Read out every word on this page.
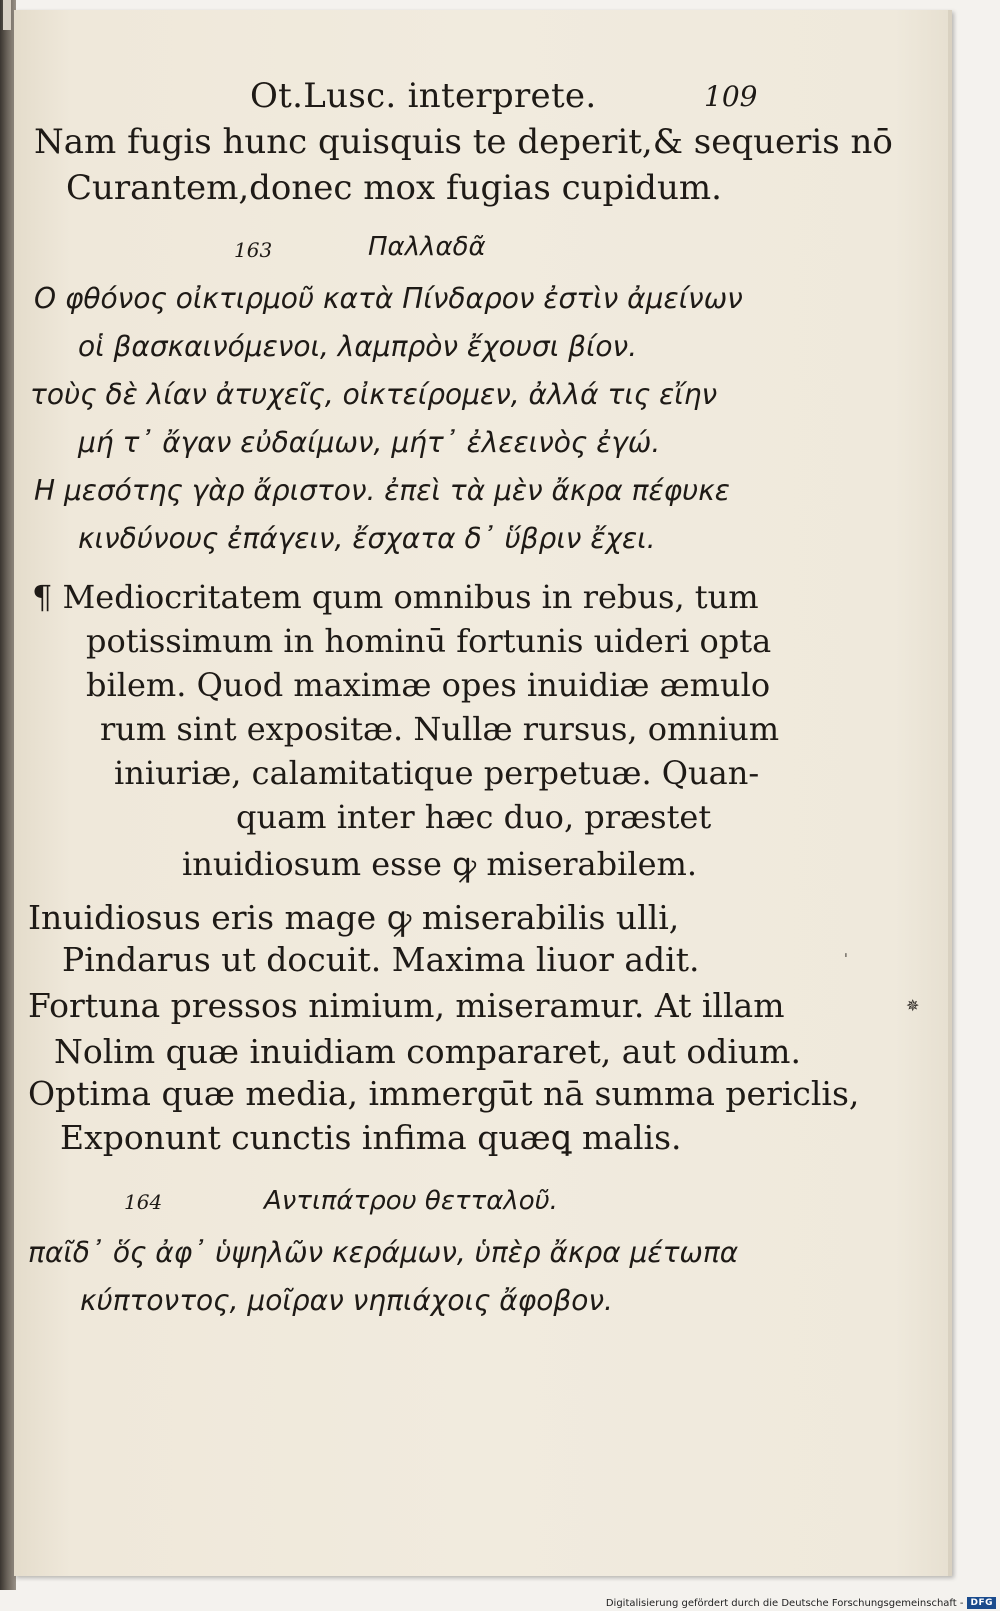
Ot.Lusc. interprete.	109

Nam fugis hunc quisquis te deperit,& sequeris nō

Curantem,donec mox fugias cupidum.

163	Παλλαδᾶ

Ο φθόνος οἰκτιρμοῦ κατὰ Πίνδαρον ἐστὶν ἀμείνων

οἱ βασκαινόμενοι, λαμπρὸν ἔχουσι βίον.

τοὺς δὲ λίαν ἀτυχεῖς, οἰκτείρομεν, ἀλλά τις εἴην

μή τ᾽ ἄγαν εὐδαίμων, μήτ᾽ ἐλεεινὸς ἐγώ.

Η μεσότης γὰρ ἄριστον. ἐπεὶ τὰ μὲν ἄκρα πέφυκε

κινδύνους ἐπάγειν, ἔσχατα δ᾽ ὕβριν ἔχει.

¶ Mediocritatem qum omnibus in rebus, tum

potissimum in hominū fortunis uideri opta

bilem. Quod maximæ opes inuidiæ æmulo

rum sint expositæ. Nullæ rursus, omnium

iniuriæ, calamitatique perpetuæ. Quan-

quam inter hæc duo, præstet

inuidiosum esse ꝙ miserabilem.

Inuidiosus eris mage ꝙ miserabilis ulli,

Pindarus ut docuit. Maxima liuor adit.

Fortuna pressos nimium, miseramur. At illam

Nolim quæ inuidiam compararet, aut odium.

Optima quæ media, immergūt nā summa periclis,

Exponunt cunctis infima quæꝗ malis.

164	Αντιπάτρου θετταλοῦ.

παῖδ᾽ ὅς ἀφ᾽ ὑψηλῶν κεράμων, ὑπὲρ ἄκρα μέτωπα

κύπτοντος, μοῖραν νηπιάχοις ἄφοβον.

ˈ
✵
Digitalisierung gefördert durch die Deutsche Forschungsgemeinschaft - DFG
